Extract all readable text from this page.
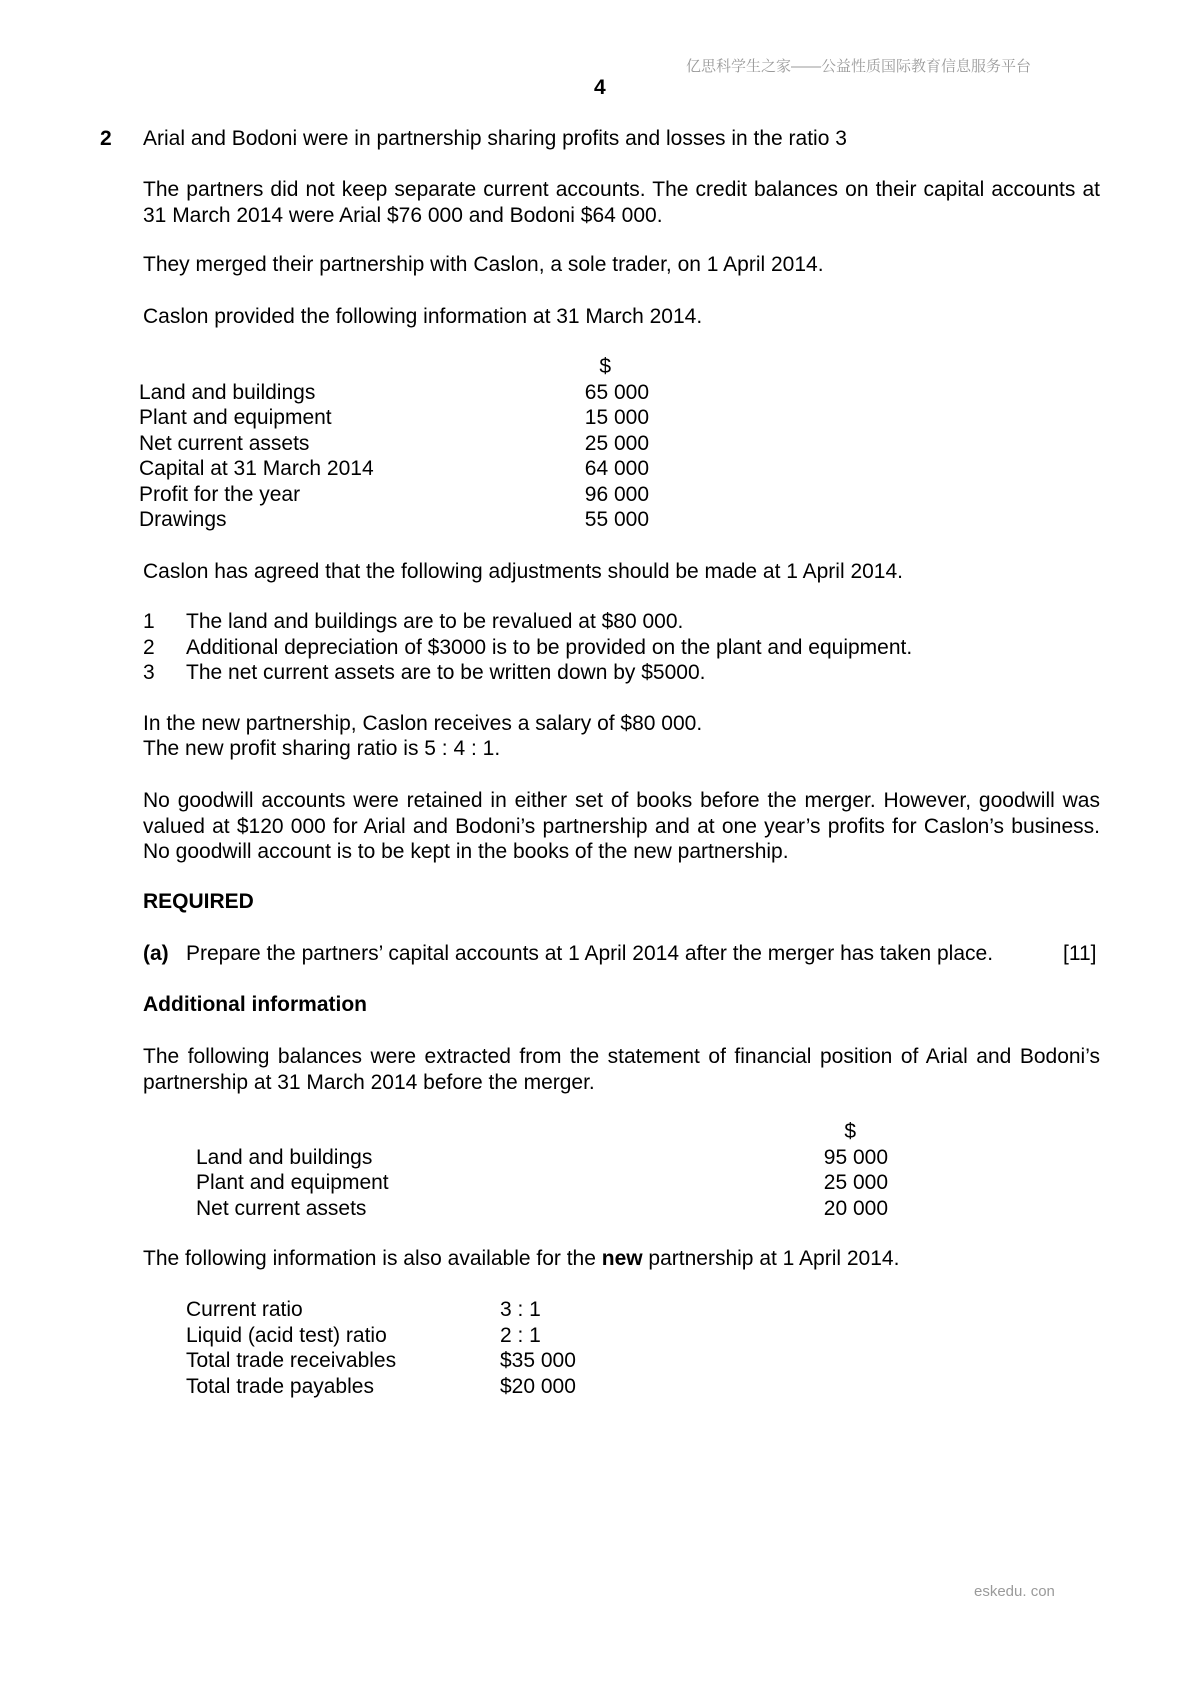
亿思科学生之家——公益性质国际教育信息服务平台
4
2 Arial and Bodoni were in partnership sharing profits and losses in the ratio 3
The partners did not keep separate current accounts. The credit balances on their capital accounts at 31 March 2014 were Arial $76 000 and Bodoni $64 000.
They merged their partnership with Caslon, a sole trader, on 1 April 2014.
Caslon provided the following information at 31 March 2014.
	$
Land and buildings	65 000
Plant and equipment	15 000
Net current assets	25 000
Capital at 31 March 2014	64 000
Profit for the year	96 000
Drawings	55 000
Caslon has agreed that the following adjustments should be made at 1 April 2014.
1	The land and buildings are to be revalued at $80 000.
2	Additional depreciation of $3000 is to be provided on the plant and equipment.
3	The net current assets are to be written down by $5000.
In the new partnership, Caslon receives a salary of $80 000.
The new profit sharing ratio is 5 : 4 : 1.
No goodwill accounts were retained in either set of books before the merger. However, goodwill was valued at $120 000 for Arial and Bodoni’s partnership and at one year’s profits for Caslon’s business. No goodwill account is to be kept in the books of the new partnership.
REQUIRED
(a) Prepare the partners’ capital accounts at 1 April 2014 after the merger has taken place.	[11]
Additional information
The following balances were extracted from the statement of financial position of Arial and Bodoni’s partnership at 31 March 2014 before the merger.
	$
Land and buildings	95 000
Plant and equipment	25 000
Net current assets	20 000
The following information is also available for the new partnership at 1 April 2014.
Current ratio	3 : 1
Liquid (acid test) ratio	2 : 1
Total trade receivables	$35 000
Total trade payables	$20 000
eskedu. con
